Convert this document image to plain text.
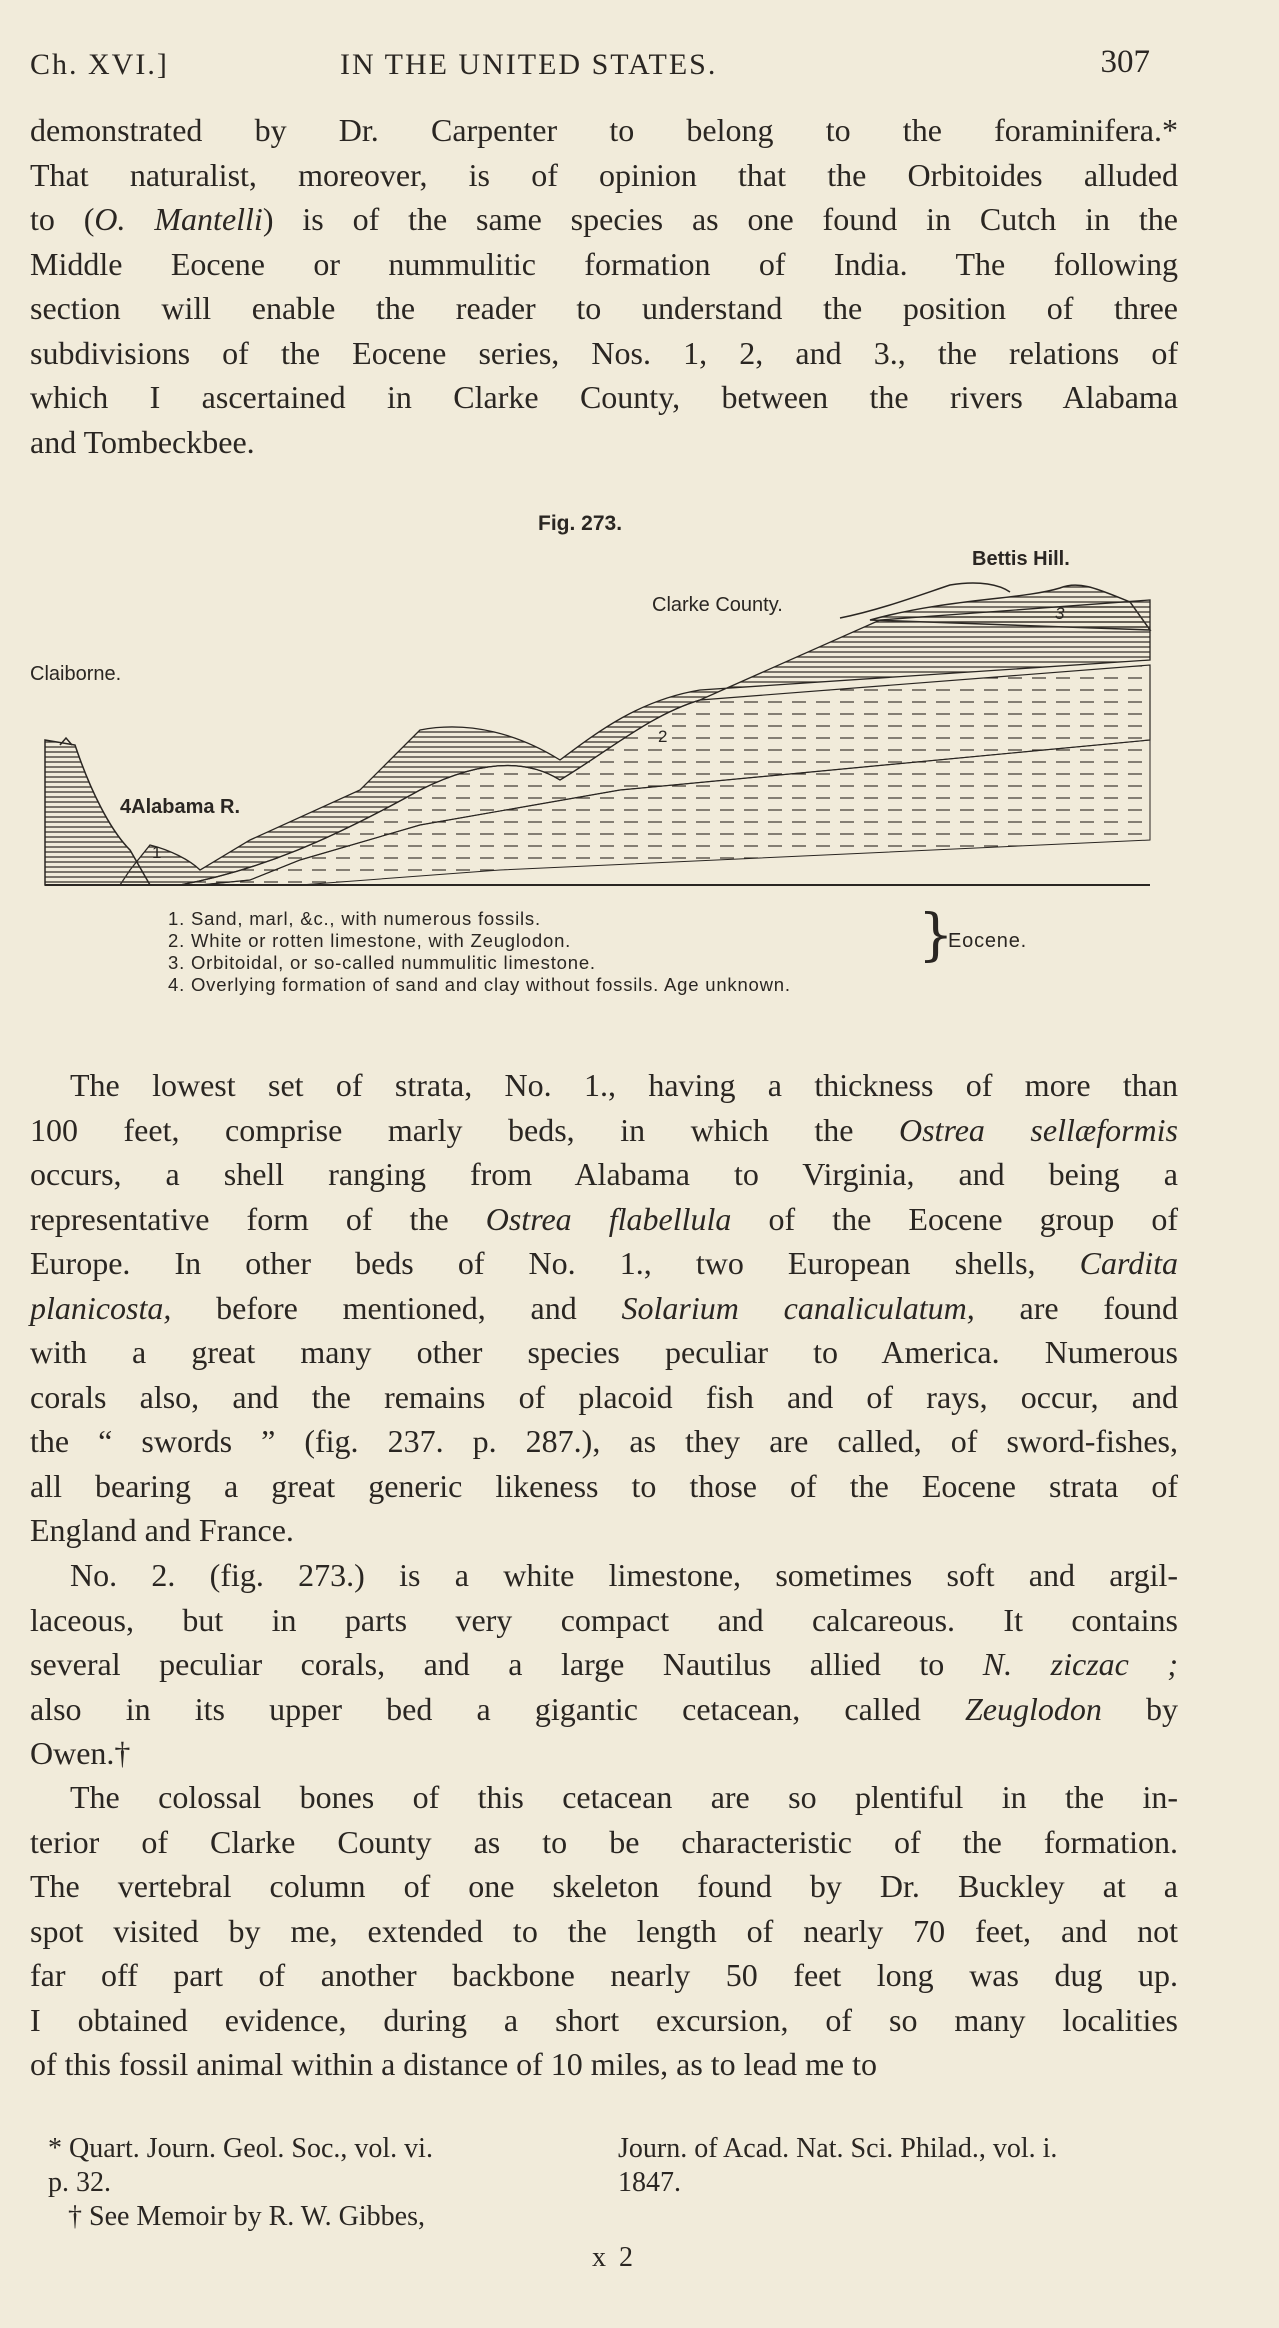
Ch. XVI.]	IN THE UNITED STATES.	307
demonstrated by Dr. Carpenter to belong to the foraminifera.*
That naturalist, moreover, is of opinion that the Orbitoides alluded
to (O. Mantelli) is of the same species as one found in Cutch in the
Middle Eocene or nummulitic formation of India. The following
section will enable the reader to understand the position of three
subdivisions of the Eocene series, Nos. 1, 2, and 3., the relations of
which I ascertained in Clarke County, between the rivers Alabama
and Tombeckbee.
Fig. 273.
Bettis Hill.
Clarke County.
Claiborne.
4Alabama R.
3
2
1
1. Sand, marl, &c., with numerous fossils.
2. White or rotten limestone, with Zeuglodon.
3. Orbitoidal, or so-called nummulitic limestone.
4. Overlying formation of sand and clay without fossils. Age unknown.
}
Eocene.
The lowest set of strata, No. 1., having a thickness of more than
100 feet, comprise marly beds, in which the Ostrea sellæformis
occurs, a shell ranging from Alabama to Virginia, and being a
representative form of the Ostrea flabellula of the Eocene group of
Europe. In other beds of No. 1., two European shells, Cardita
planicosta, before mentioned, and Solarium canaliculatum, are found
with a great many other species peculiar to America. Numerous
corals also, and the remains of placoid fish and of rays, occur, and
the “ swords ” (fig. 237. p. 287.), as they are called, of sword-fishes,
all bearing a great generic likeness to those of the Eocene strata of
England and France.
No. 2. (fig. 273.) is a white limestone, sometimes soft and argil-
laceous, but in parts very compact and calcareous. It contains
several peculiar corals, and a large Nautilus allied to N. ziczac ;
also in its upper bed a gigantic cetacean, called Zeuglodon by
Owen.†
The colossal bones of this cetacean are so plentiful in the in-
terior of Clarke County as to be characteristic of the formation.
The vertebral column of one skeleton found by Dr. Buckley at a
spot visited by me, extended to the length of nearly 70 feet, and not
far off part of another backbone nearly 50 feet long was dug up.
I obtained evidence, during a short excursion, of so many localities
of this fossil animal within a distance of 10 miles, as to lead me to
* Quart. Journ. Geol. Soc., vol. vi.	Journ. of Acad. Nat. Sci. Philad., vol. i.
p. 32.	1847.
† See Memoir by R. W. Gibbes,
x 2
